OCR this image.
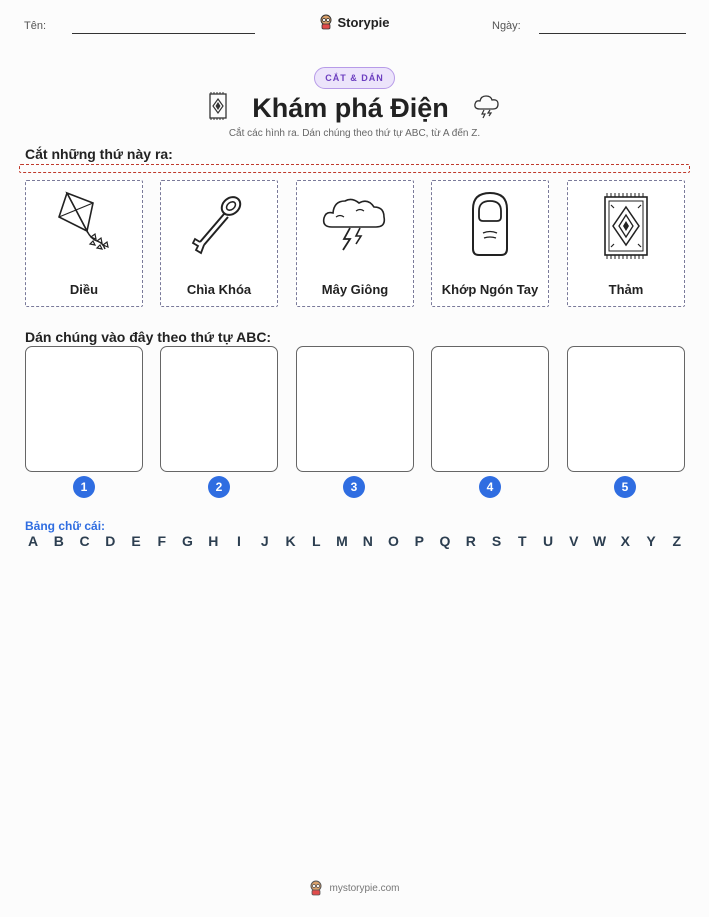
Tên:	Storypie	Ngày:
CẮT & DÁN
Khám phá Điện
Cắt các hình ra. Dán chúng theo thứ tự ABC, từ A đến Z.
Cắt những thứ này ra:
Diều	Chìa Khóa	Mây Giông	Khớp Ngón Tay	Thảm
Dán chúng vào đây theo thứ tự ABC:
1	2	3	4	5
Bảng chữ cái:
A B C D E F G H	I	J K L M N O P Q R S T U V W X Y Z
mystorypie.com
